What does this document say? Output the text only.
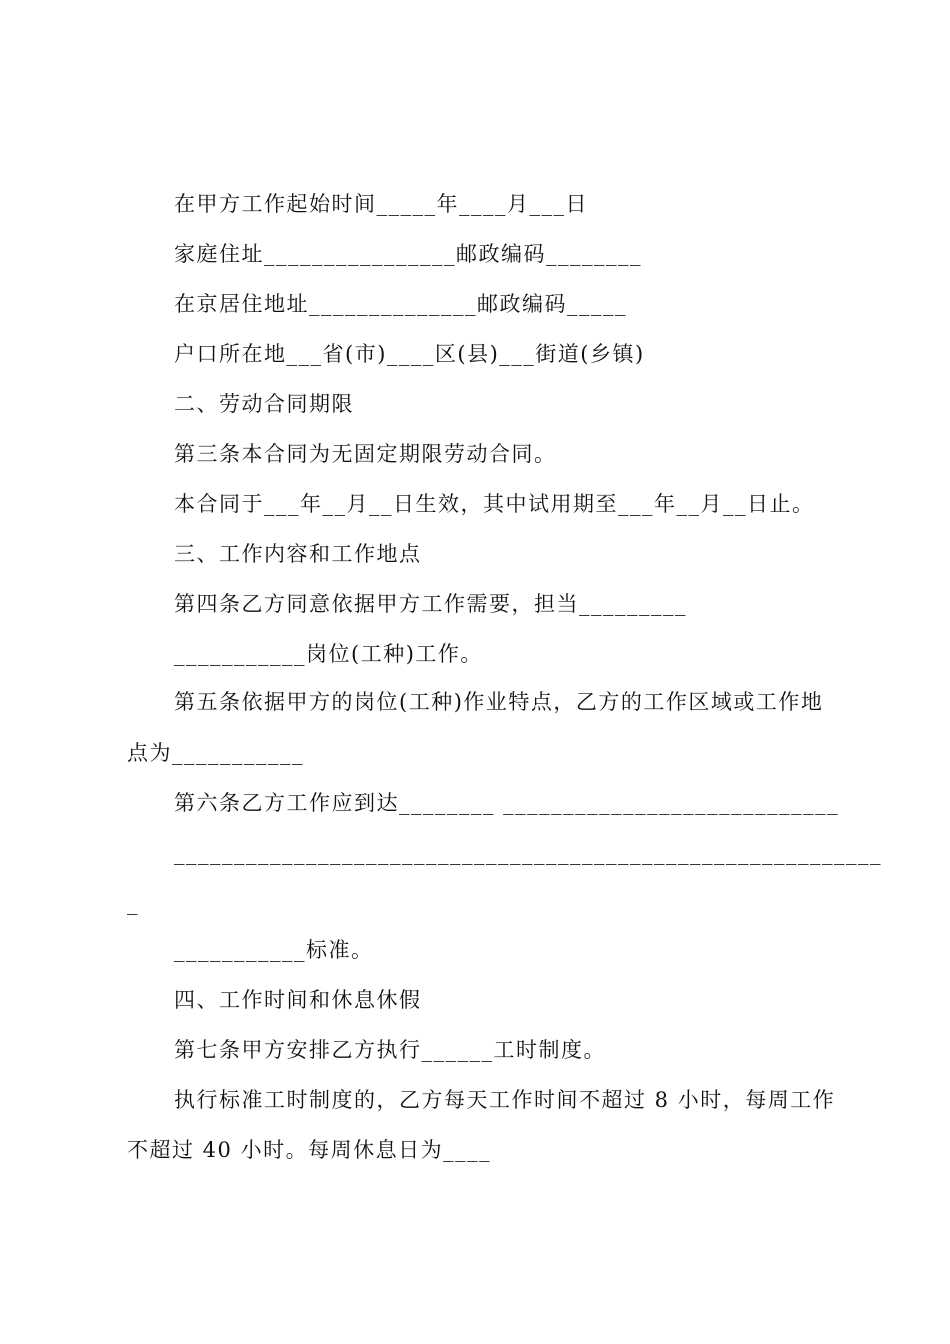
在甲方工作起始时间_____年____月___日
家庭住址________________邮政编码________
在京居住地址______________邮政编码_____
户口所在地___省(市)____区(县)___街道(乡镇)
二、劳动合同期限
第三条本合同为无固定期限劳动合同。
本合同于___年__月__日生效，其中试用期至___年__月__日止。
三、工作内容和工作地点
第四条乙方同意依据甲方工作需要，担当_________
___________岗位(工种)工作。
第五条依据甲方的岗位(工种)作业特点，乙方的工作区域或工作地
点为___________
第六条乙方工作应到达________ ____________________________
___________________________________________________________
_
___________标准。
四、工作时间和休息休假
第七条甲方安排乙方执行______工时制度。
执行标准工时制度的，乙方每天工作时间不超过 8 小时，每周工作
不超过 40 小时。每周休息日为____
